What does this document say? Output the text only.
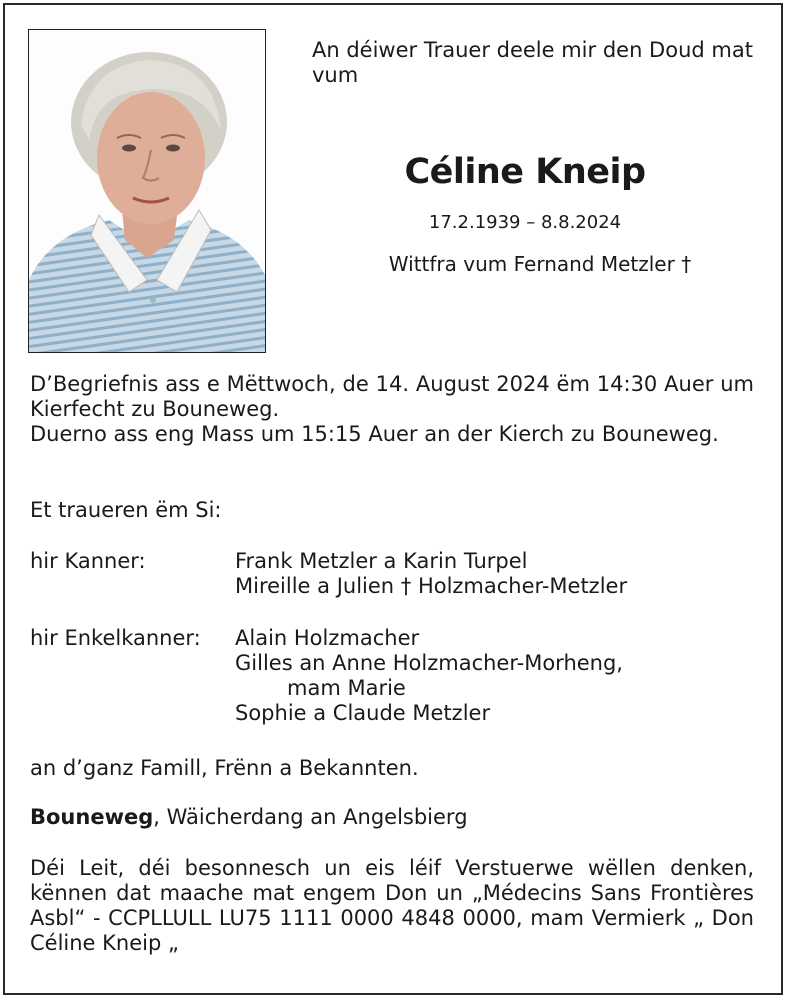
An déiwer Trauer deele mir den Doud mat vum

Céline Kneip
17.2.1939 – 8.8.2024
Wittfra vum Fernand Metzler †

D’Begriefnis ass e Mëttwoch, de 14. August 2024 ëm 14:30 Auer um Kierfecht zu Bouneweg.
Duerno ass eng Mass um 15:15 Auer an der Kierch zu Bouneweg.

Et traueren ëm Si:
hir Kanner:	Frank Metzler a Karin Turpel
Mireille a Julien † Holzmacher-Metzler
hir Enkelkanner: Alain Holzmacher
Gilles an Anne Holzmacher-Morheng,
mam Marie
Sophie a Claude Metzler
an d’ganz Famill, Frënn a Bekannten.
Bouneweg, Wäicherdang an Angelsbierg

Déi Leit, déi besonnesch un eis léif Verstuerwe wëllen denken, kënnen dat maache mat engem Don un „Médecins Sans Frontières Asbl“ - CCPLLULL LU75 1111 0000 4848 0000, mam Vermierk „ Don Céline Kneip „
